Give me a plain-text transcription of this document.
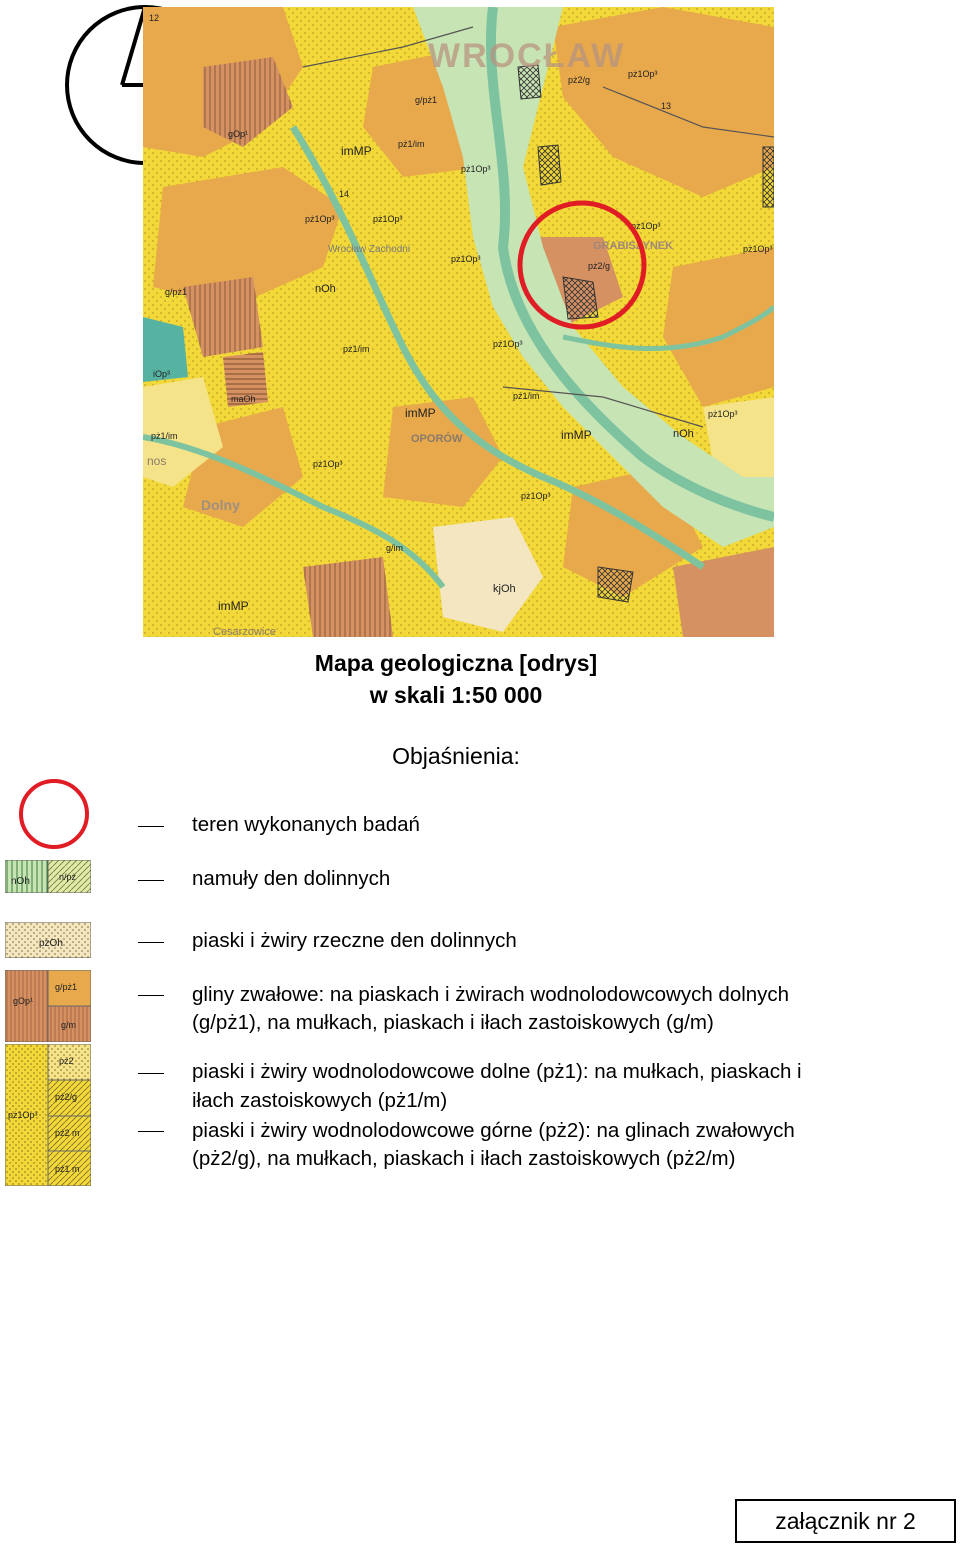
WROCŁAW
Wrocław Zachodni
OPORÓW
Dolny
GRABISZYNEK
nos
Cesarzowice
pż1Op³
gOp¹
pż1/im
pż1Op³
pż1Op³	pż1Op³
pż1Op³
pż1Op³
pż1Op³
pż2/g
pż2/g
g/pż1
g/pż1
pż1/im
pż1/im
pż1/im
pż1Op³
pż1Op³
pż1Op³
pż1Op³
g/im
imMP
imMP
imMP
imMP
nOh
nOh
kjOh
iOp³
maOh
12
13
14
Mapa geologiczna [odrys]
w skali 1:50 000
Objaśnienia:
nOh	n/pż
pżOh
gOp¹
g/pż1
g/m
pż1Op³
pż2
pż2/g
pż2 m
pż1 m
teren wykonanych badań
namuły den dolinnych
piaski i żwiry rzeczne den dolinnych
gliny zwałowe: na piaskach i żwirach wodnolodowcowych dolnych
(g/pż1), na mułkach, piaskach i iłach zastoiskowych (g/m)
piaski i żwiry wodnolodowcowe dolne (pż1): na mułkach, piaskach i
iłach zastoiskowych (pż1/m)
piaski i żwiry wodnolodowcowe górne (pż2): na glinach zwałowych
(pż2/g), na mułkach, piaskach i iłach zastoiskowych (pż2/m)
załącznik nr 2
